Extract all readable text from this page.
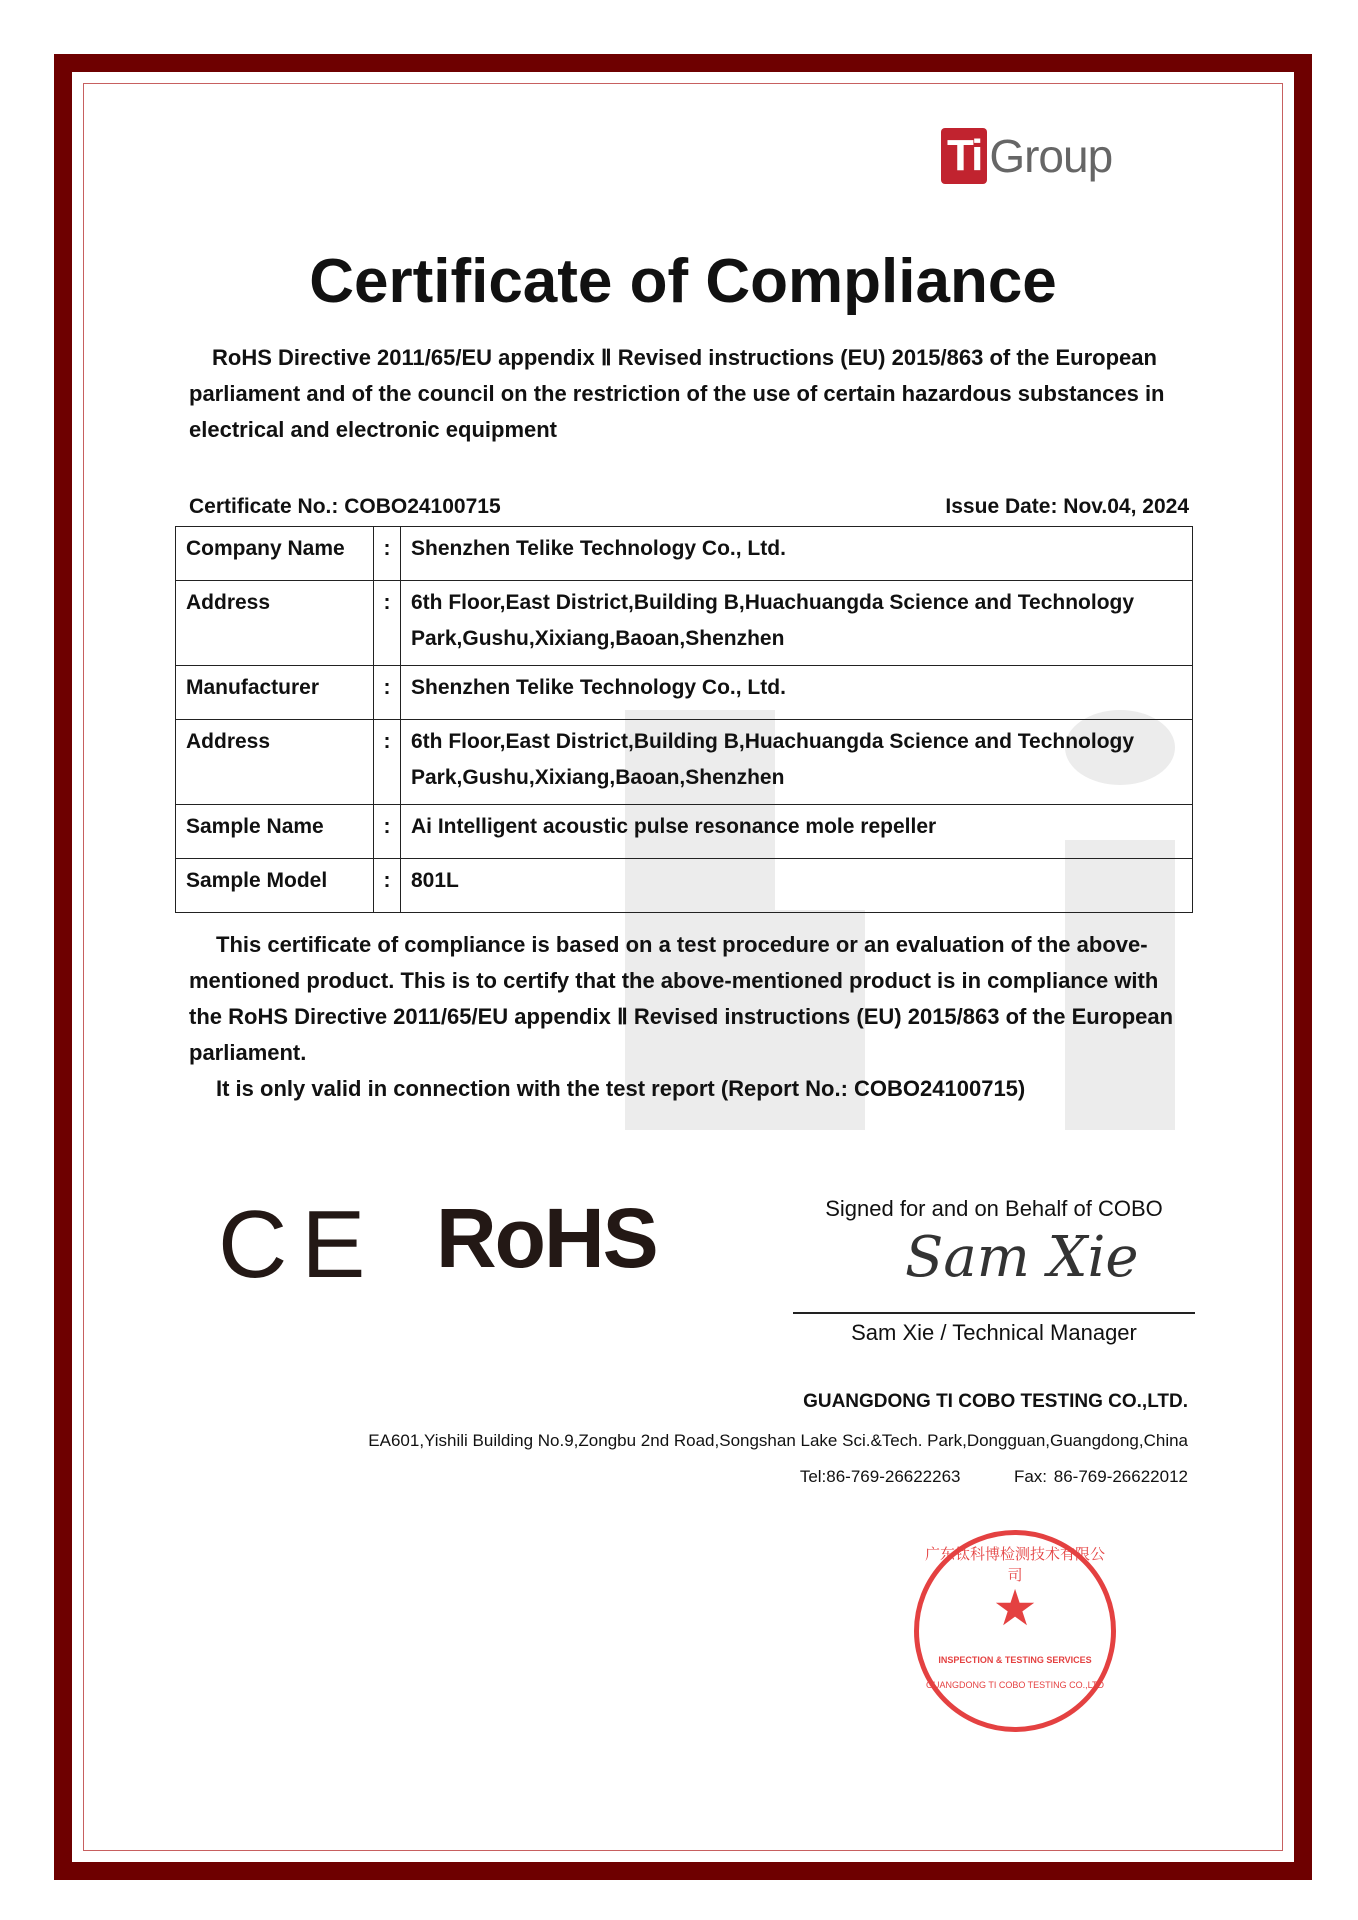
Ti Group
Certificate of Compliance
RoHS Directive 2011/65/EU appendix Ⅱ Revised instructions (EU) 2015/863 of the European parliament and of the council on the restriction of the use of certain hazardous substances in electrical and electronic equipment
Certificate No.: COBO24100715	Issue Date: Nov.04, 2024
Company Name	:	Shenzhen Telike Technology Co., Ltd.
Address	:	6th Floor,East District,Building B,Huachuangda Science and Technology Park,Gushu,Xixiang,Baoan,Shenzhen
Manufacturer	:	Shenzhen Telike Technology Co., Ltd.
Address	:	6th Floor,East District,Building B,Huachuangda Science and Technology Park,Gushu,Xixiang,Baoan,Shenzhen
Sample Name	:	Ai Intelligent acoustic pulse resonance mole repeller
Sample Model	:	801L
This certificate of compliance is based on a test procedure or an evaluation of the above-mentioned product. This is to certify that the above-mentioned product is in compliance with the RoHS Directive 2011/65/EU appendix Ⅱ Revised instructions (EU) 2015/863 of the European parliament.
It is only valid in connection with the test report (Report No.: COBO24100715)
CE RoHS	Signed for and on Behalf of COBO
Sam Xie
Sam Xie / Technical Manager
GUANGDONG TI COBO TESTING CO.,LTD.
EA601,Yishili Building No.9,Zongbu 2nd Road,Songshan Lake Sci.&Tech. Park,Dongguan,Guangdong,China
Tel:86-769-26622263	Fax: 86-769-26622012
广东钛科博检测技术有限公司
★
INSPECTION & TESTING SERVICES
GUANGDONG TI COBO TESTING CO.,LTD
